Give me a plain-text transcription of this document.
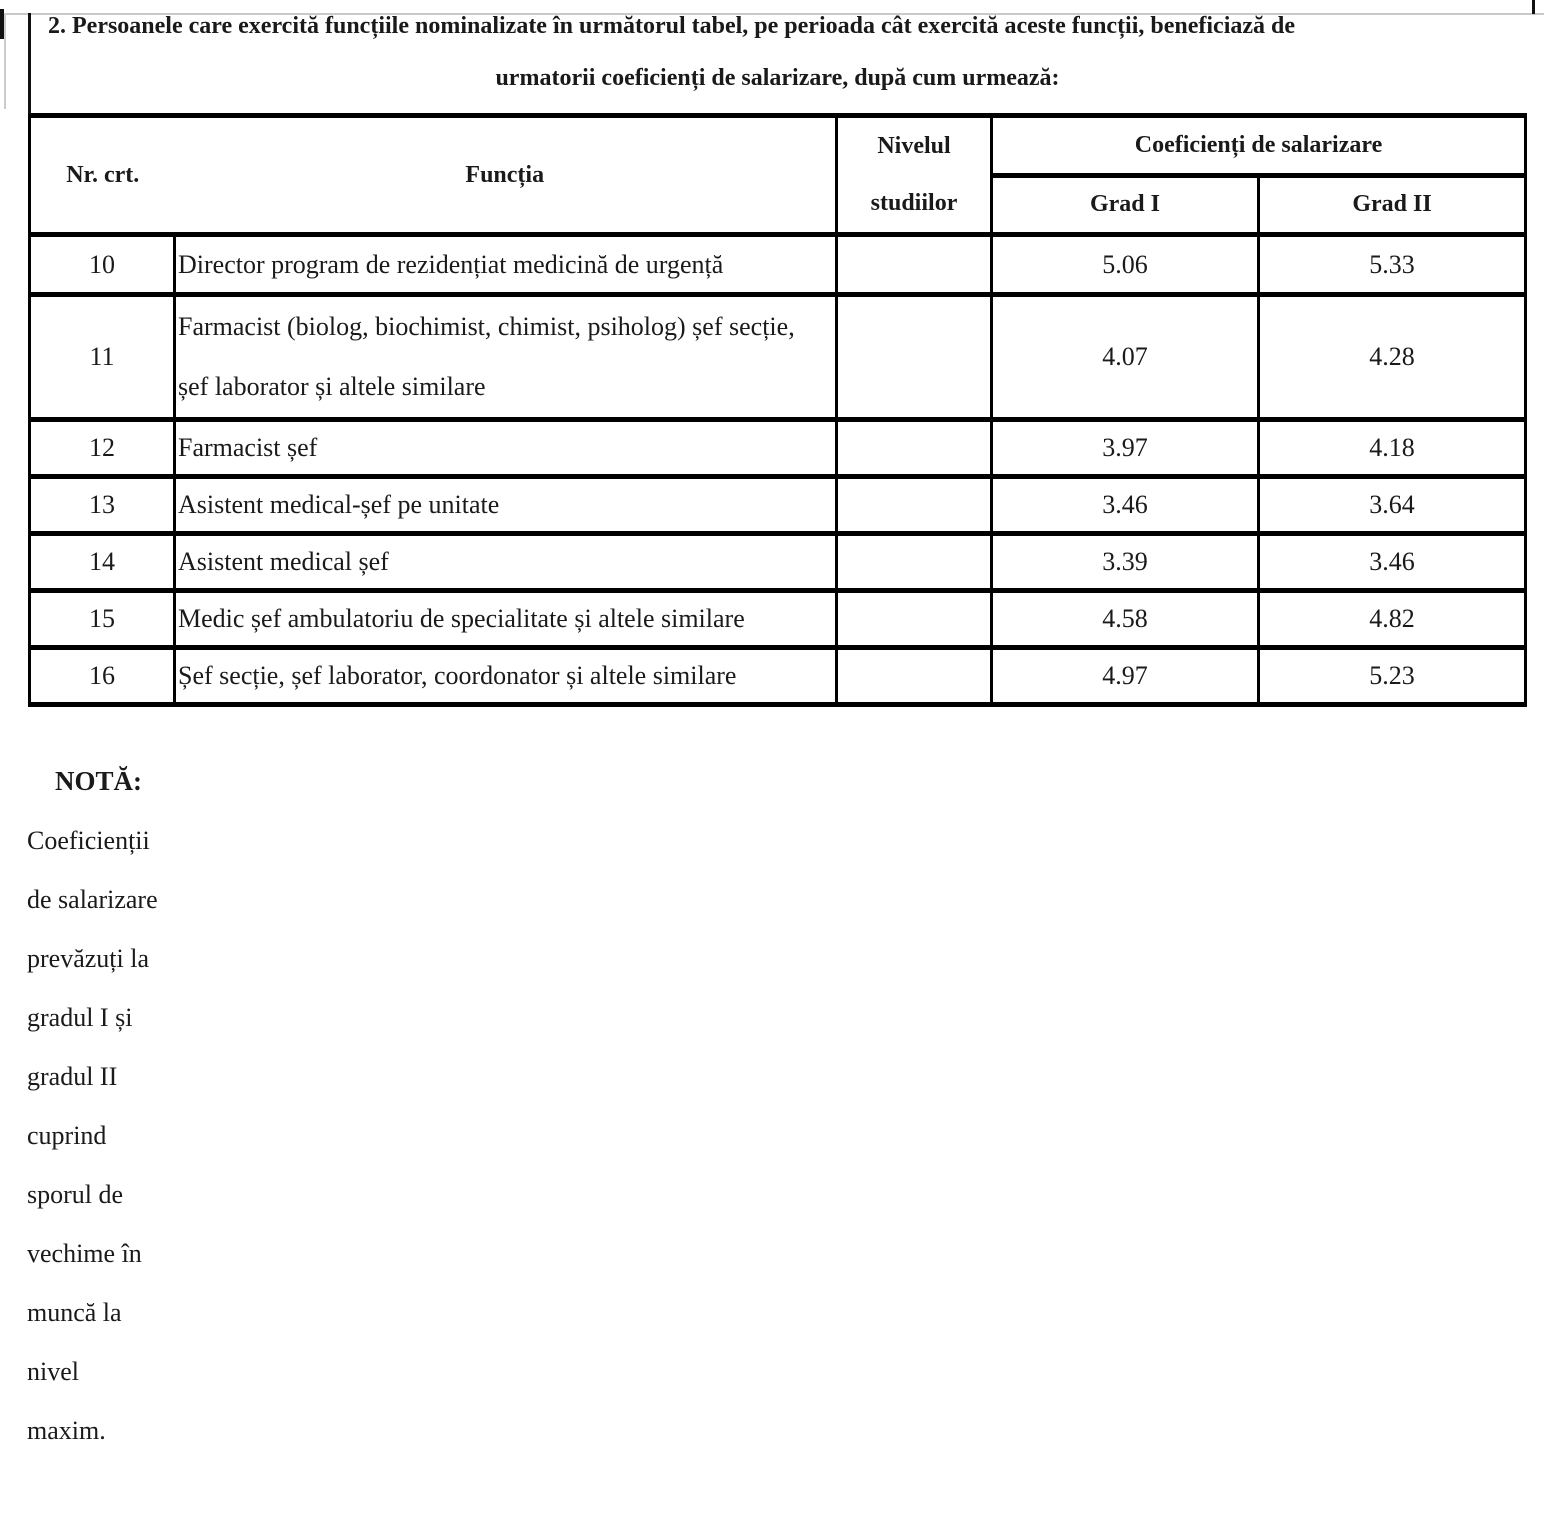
2. Persoanele care exercită funcțiile nominalizate în următorul tabel, pe perioada cât exercită aceste funcții, beneficiază de
urmatorii coeficienți de salarizare, după cum urmează:
Nr. crt.	Funcția	Nivelul
studiilor	Coeficienți de salarizare	
			Grad I	Grad II
10	Director program de rezidențiat medicină de urgență		5.06	5.33
11	Farmacist (biolog, biochimist, chimist, psiholog) șef secție, șef laborator și altele similare		4.07	4.28
12	Farmacist șef		3.97	4.18
13	Asistent medical-șef pe unitate		3.46	3.64
14	Asistent medical șef		3.39	3.46
15	Medic șef ambulatoriu de specialitate și altele similare		4.58	4.82
16	Șef secție, șef laborator, coordonator și altele similare		4.97	5.23
NOTĂ:
Coeficienții
de salarizare
prevăzuți la
gradul I și
gradul II
cuprind
sporul de
vechime în
muncă la
nivel
maxim.
